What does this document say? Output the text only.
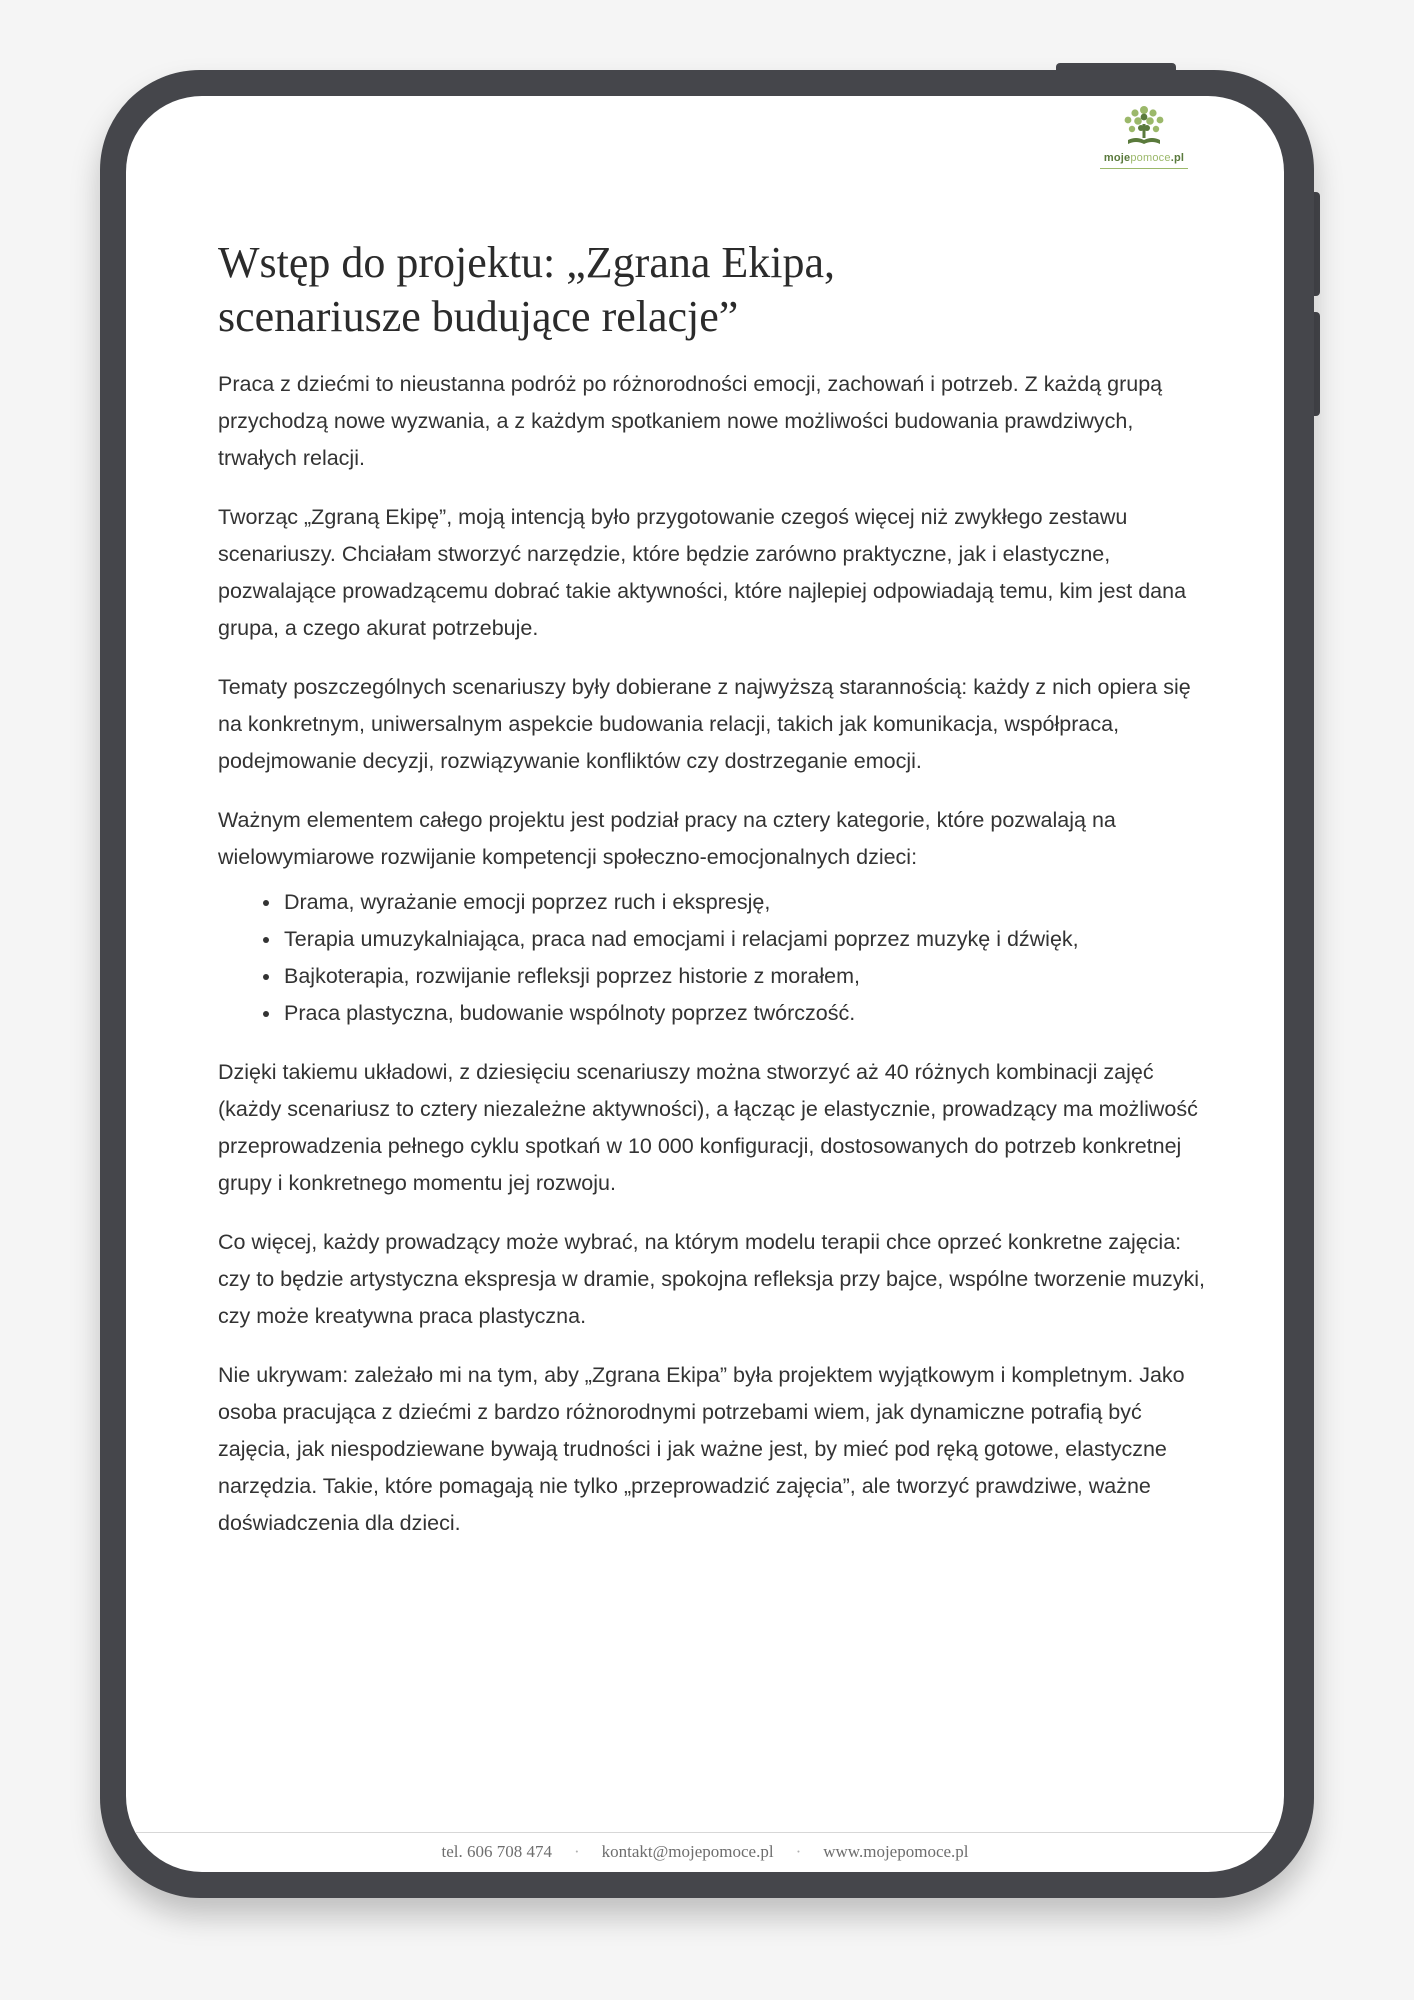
mojepomoce.pl
Wstęp do projektu: „Zgrana Ekipa, scenariusze budujące relacje”

Praca z dziećmi to nieustanna podróż po różnorodności emocji, zachowań i potrzeb. Z każdą grupą przychodzą nowe wyzwania, a z każdym spotkaniem nowe możliwości budowania prawdziwych, trwałych relacji.

Tworząc „Zgraną Ekipę”, moją intencją było przygotowanie czegoś więcej niż zwykłego zestawu scenariuszy. Chciałam stworzyć narzędzie, które będzie zarówno praktyczne, jak i elastyczne, pozwalające prowadzącemu dobrać takie aktywności, które najlepiej odpowiadają temu, kim jest dana grupa, a czego akurat potrzebuje.

Tematy poszczególnych scenariuszy były dobierane z najwyższą starannością: każdy z nich opiera się na konkretnym, uniwersalnym aspekcie budowania relacji, takich jak komunikacja, współpraca, podejmowanie decyzji, rozwiązywanie konfliktów czy dostrzeganie emocji.

Ważnym elementem całego projektu jest podział pracy na cztery kategorie, które pozwalają na wielowymiarowe rozwijanie kompetencji społeczno-emocjonalnych dzieci:

• Drama, wyrażanie emocji poprzez ruch i ekspresję,
• Terapia umuzykalniająca, praca nad emocjami i relacjami poprzez muzykę i dźwięk,
• Bajkoterapia, rozwijanie refleksji poprzez historie z morałem,
• Praca plastyczna, budowanie wspólnoty poprzez twórczość.

Dzięki takiemu układowi, z dziesięciu scenariuszy można stworzyć aż 40 różnych kombinacji zajęć (każdy scenariusz to cztery niezależne aktywności), a łącząc je elastycznie, prowadzący ma możliwość przeprowadzenia pełnego cyklu spotkań w 10 000 konfiguracji, dostosowanych do potrzeb konkretnej grupy i konkretnego momentu jej rozwoju.

Co więcej, każdy prowadzący może wybrać, na którym modelu terapii chce oprzeć konkretne zajęcia: czy to będzie artystyczna ekspresja w dramie, spokojna refleksja przy bajce, wspólne tworzenie muzyki, czy może kreatywna praca plastyczna.

Nie ukrywam: zależało mi na tym, aby „Zgrana Ekipa” była projektem wyjątkowym i kompletnym. Jako osoba pracująca z dziećmi z bardzo różnorodnymi potrzebami wiem, jak dynamiczne potrafią być zajęcia, jak niespodziewane bywają trudności i jak ważne jest, by mieć pod ręką gotowe, elastyczne narzędzia. Takie, które pomagają nie tylko „przeprowadzić zajęcia”, ale tworzyć prawdziwe, ważne doświadczenia dla dzieci.

tel. 606 708 474 · kontakt@mojepomoce.pl · www.mojepomoce.pl
